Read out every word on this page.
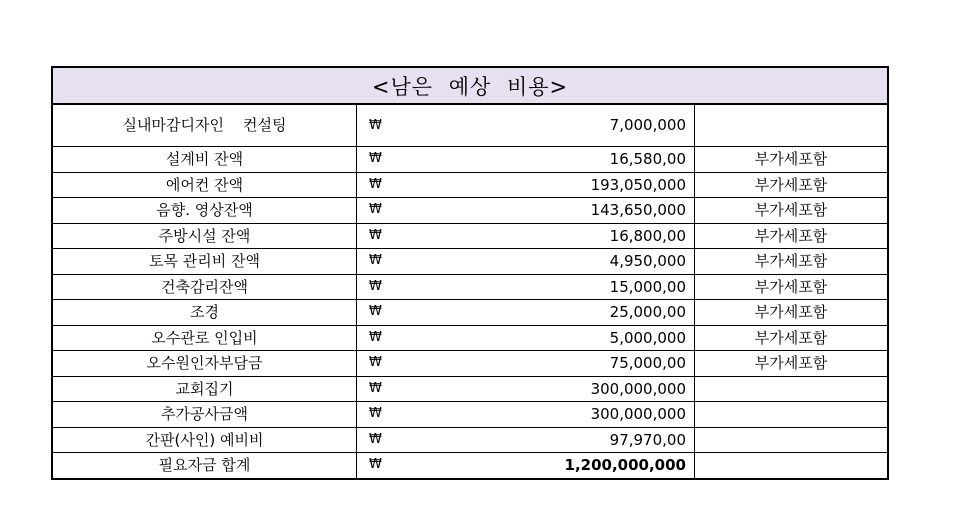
<남은 예상 비용>
실내마감디자인    컨설팅	₩	7,000,000
설계비 잔액	₩	16,580,00	부가세포함
에어컨 잔액	₩	193,050,000	부가세포함
음향. 영상잔액	₩	143,650,000	부가세포함
주방시설 잔액	₩	16,800,00	부가세포함
토목 관리비 잔액	₩	4,950,000	부가세포함
건축감리잔액	₩	15,000,00	부가세포함
조경	₩	25,000,00	부가세포함
오수관로 인입비	₩	5,000,000	부가세포함
오수원인자부담금	₩	75,000,00	부가세포함
교회집기	₩	300,000,000
추가공사금액	₩	300,000,000
간판(사인) 예비비	₩	97,970,00
필요자금 합계	₩	1,200,000,000
